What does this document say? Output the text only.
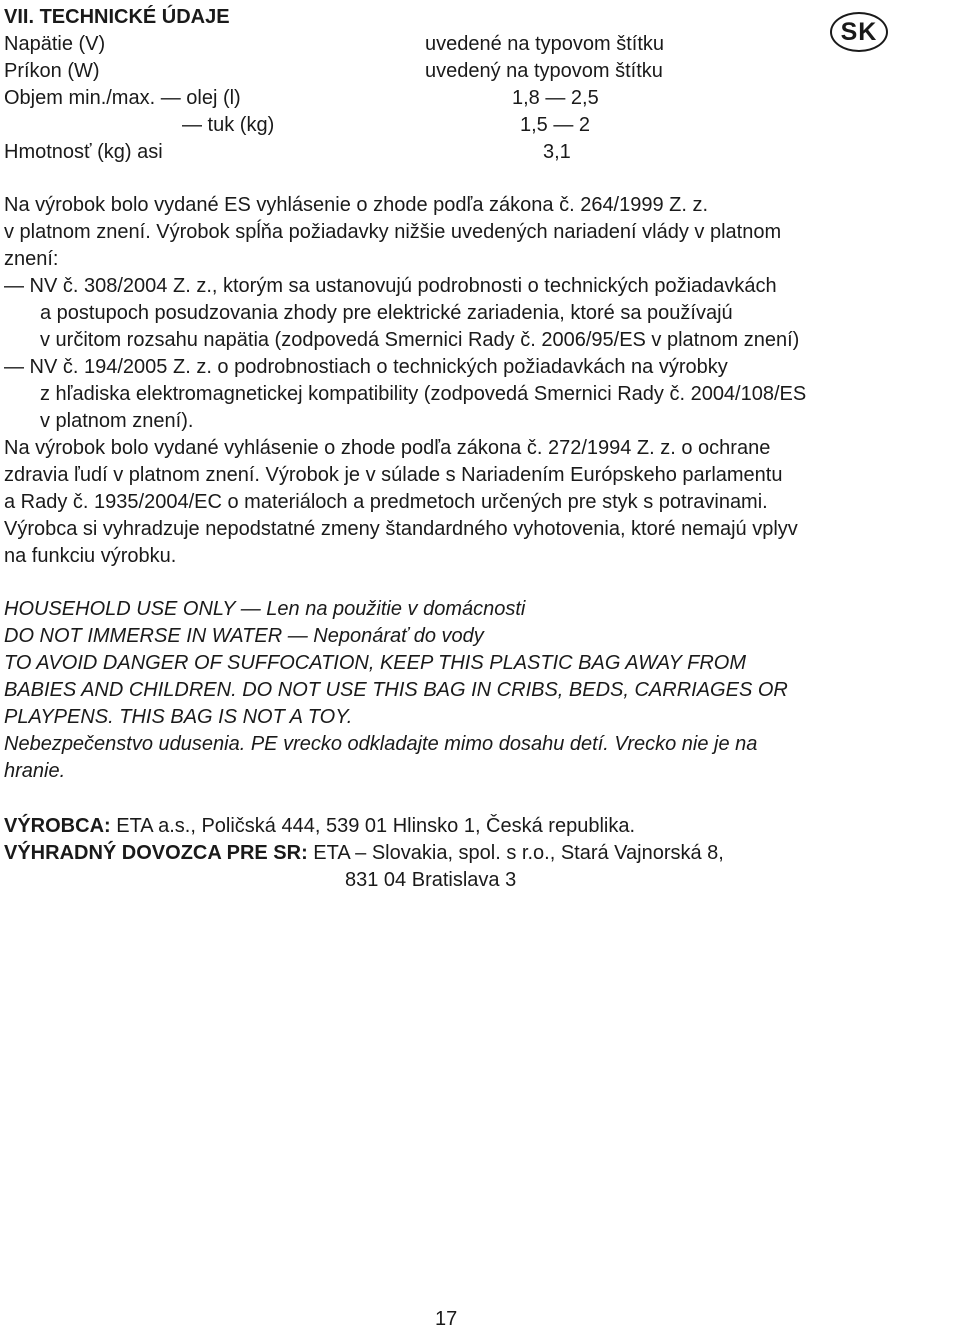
VII. TECHNICKÉ ÚDAJE
SK
Napätie (V)	uvedené na typovom štítku
Príkon (W)	uvedený na typovom štítku
Objem min./max. — olej (l)	1,8 — 2,5
— tuk (kg)	1,5 — 2
Hmotnosť (kg) asi	3,1
Na výrobok bolo vydané ES vyhlásenie o zhode podľa zákona č. 264/1999 Z. z.
v platnom znení. Výrobok spĺňa požiadavky nižšie uvedených nariadení vlády v platnom
znení:
— NV č. 308/2004 Z. z., ktorým sa ustanovujú podrobnosti o technických požiadavkách
a postupoch posudzovania zhody pre elektrické zariadenia, ktoré sa používajú
v určitom rozsahu napätia (zodpovedá Smernici Rady č. 2006/95/ES v platnom znení)
— NV č. 194/2005 Z. z. o podrobnostiach o technických požiadavkách na výrobky
z hľadiska elektromagnetickej kompatibility (zodpovedá Smernici Rady č. 2004/108/ES
v platnom znení).
Na výrobok bolo vydané vyhlásenie o zhode podľa zákona č. 272/1994 Z. z. o ochrane
zdravia ľudí v platnom znení. Výrobok je v súlade s Nariadením Európskeho parlamentu
a Rady č. 1935/2004/EC o materiáloch a predmetoch určených pre styk s potravinami.
Výrobca si vyhradzuje nepodstatné zmeny štandardného vyhotovenia, ktoré nemajú vplyv
na funkciu výrobku.
HOUSEHOLD USE ONLY — Len na použitie v domácnosti
DO NOT IMMERSE IN WATER — Neponárať do vody
TO AVOID DANGER OF SUFFOCATION, KEEP THIS PLASTIC BAG AWAY FROM
BABIES AND CHILDREN. DO NOT USE THIS BAG IN CRIBS, BEDS, CARRIAGES OR
PLAYPENS. THIS BAG IS NOT A TOY.
Nebezpečenstvo udusenia. PE vrecko odkladajte mimo dosahu detí. Vrecko nie je na
hranie.
VÝROBCA: ETA a.s., Poličská 444, 539 01 Hlinsko 1, Česká republika.
VÝHRADNÝ DOVOZCA PRE SR: ETA – Slovakia, spol. s r.o., Stará Vajnorská 8,
831 04 Bratislava 3
17
